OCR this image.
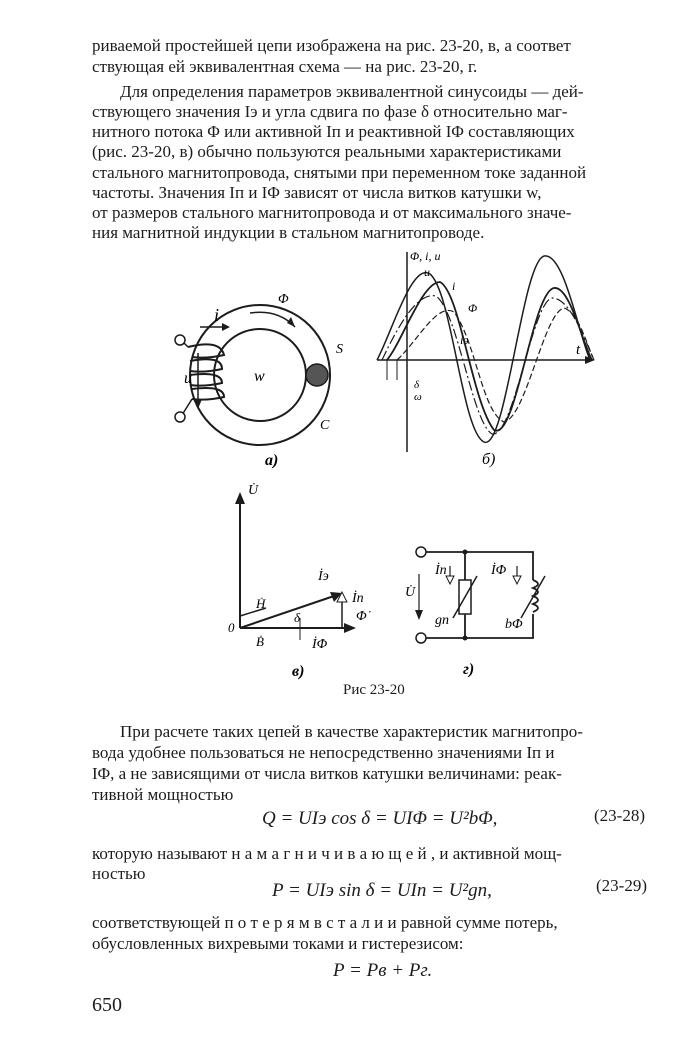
риваемой простейшей цепи изображена на рис. 23-20, в, а соответ
ствующая ей эквивалентная схема — на рис. 23-20, г.
Для определения параметров эквивалентной синусоиды — дей-
ствующего значения Iэ и угла сдвига по фазе δ относительно маг-
нитного потока Φ или активной Iп и реактивной IΦ составляющих
(рис. 23-20, в) обычно пользуются реальными характеристиками
стального магнитопровода, снятыми при переменном токе заданной
частоты. Значения Iп и IΦ зависят от числа витков катушки w,
от размеров стального магнитопровода и от максимального значе-
ния магнитной индукции в стальном магнитопроводе.
i
u	w
Φ
S
C
а)
Φ, i, u
u
i
Φ
iэ
t
δ
ω
б)
U̇
İэ
İп
Ḣ
Ḃ
δ
İΦ
Φ̇
0
в)
İп	İΦ
U̇
gп	bΦ
г)
Рис 23-20
При расчете таких цепей в качестве характеристик магнитопро-
вода удобнее пользоваться не непосредственно значениями Iп и
IΦ, а не зависящими от числа витков катушки величинами: реак-
тивной мощностью
Q = UIэ cos δ = UIΦ = U²bΦ,	(23-28)
которую называют н а м а г н и ч и в а ю щ е й , и активной мощ-
ностью
P = UIэ sin δ = UIп = U²gп,	(23-29)
соответствующей п о т е р я м в с т а л и и равной сумме потерь,
обусловленных вихревыми токами и гистерезисом:
P = Pв + Pг.
650
